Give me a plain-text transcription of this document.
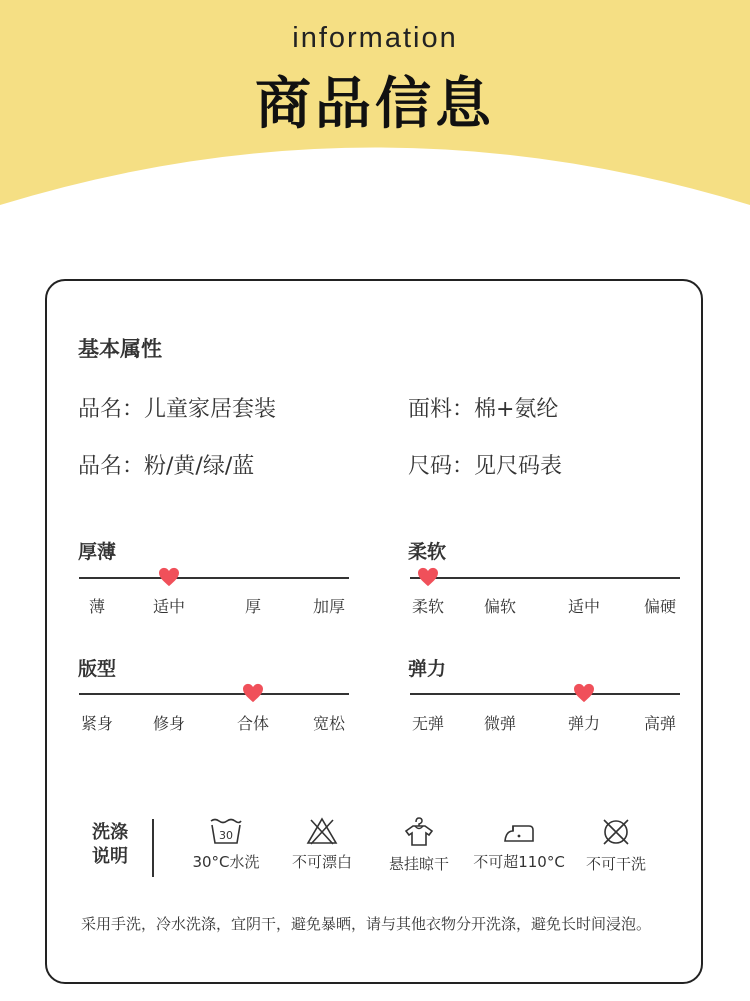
information
商品信息
基本属性
品名：儿童家居套装	面料：棉+氨纶
品名：粉/黄/绿/蓝	尺码：见尺码表
厚薄
薄	适中	厚	加厚
柔软
柔软	偏软	适中	偏硬
版型
紧身	修身	合体	宽松
弹力
无弹	微弹	弹力	高弹
洗涤说明
30
30°C水洗	不可漂白	悬挂晾干	不可超110°C	不可干洗
采用手洗，冷水洗涤，宜阴干，避免暴晒，请与其他衣物分开洗涤，避免长时间浸泡。
